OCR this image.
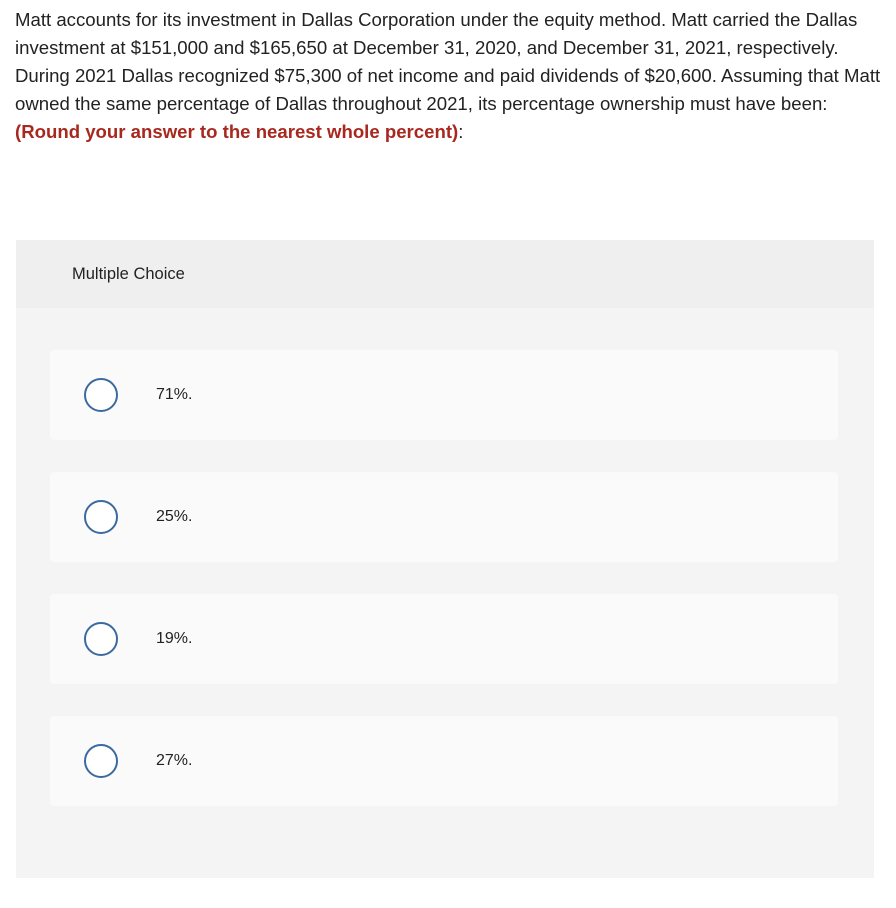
Matt accounts for its investment in Dallas Corporation under the equity method. Matt carried the Dallas investment at $151,000 and $165,650 at December 31, 2020, and December 31, 2021, respectively. During 2021 Dallas recognized $75,300 of net income and paid dividends of $20,600. Assuming that Matt owned the same percentage of Dallas throughout 2021, its percentage ownership must have been: (Round your answer to the nearest whole percent):

Multiple Choice
71%.
25%.
19%.
27%.
